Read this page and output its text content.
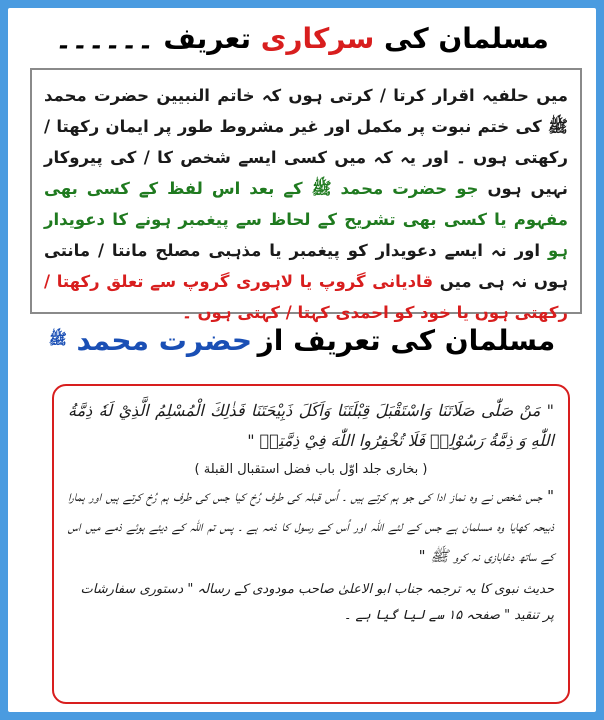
مسلمان کی سرکاری تعریف ۔۔۔۔۔۔

میں حلفیہ اقرار کرتا / کرتی ہوں کہ خاتم النبیین حضرت محمد ﷺ کی ختم نبوت پر مکمل اور غیر مشروط طور پر ایمان رکھتا / رکھتی ہوں ۔ اور یہ کہ میں کسی ایسے شخص کا / کی پیروکار نہیں ہوں جو حضرت محمد ﷺ کے بعد اس لفظ کے کسی بھی مفہوم یا کسی بھی تشریح کے لحاظ سے پیغمبر ہونے کا دعویدار ہو اور نہ ایسے دعویدار کو پیغمبر یا مذہبی مصلح مانتا / مانتی ہوں نہ ہی میں قادیانی گروپ یا لاہوری گروپ سے تعلق رکھتا / رکھتی ہوں یا خود کو احمدی کہتا / کہتی ہوں ۔

مسلمان کی تعریف از حضرت محمد ﷺ

" مَنْ صَلّٰى صَلَاتَنَا وَاسْتَقْبَلَ قِبْلَتَنَا وَاَكَلَ ذَبِيْحَتَنَا فَذٰلِكَ الْمُسْلِمُ الَّذِيْ لَهٗ ذِمَّةُ اللّٰهِ وَ ذِمَّةُ رَسُوْلِهٖ فَلَا تُخْفِرُوا اللّٰهَ فِيْ ذِمَّتِهٖ "

( بخاری جلد اوّل باب فضل استقبال القبلة )

" جس شخص نے وہ نماز ادا کی جو ہم کرتے ہیں ۔ اُس قبلہ کی طرف رُخ کیا جس کی طرف ہم رُخ کرتے ہیں اور ہمارا ذبیحہ کھایا وہ مسلمان ہے جس کے لئے اللہ اور اُس کے رسول کا ذمہ ہے ۔ پس تم اللہ کے دیئے ہوئے ذمے میں اس کے ساتھ دغابازی نہ کرو ﷺ "

حدیث نبوی کا یہ ترجمہ جناب ابو الاعلیٰ صاحب مودودی کے رسالہ " دستوری سفارشات پر تنقید " صفحہ ۱۵ سے لیا گیا ہے ۔
